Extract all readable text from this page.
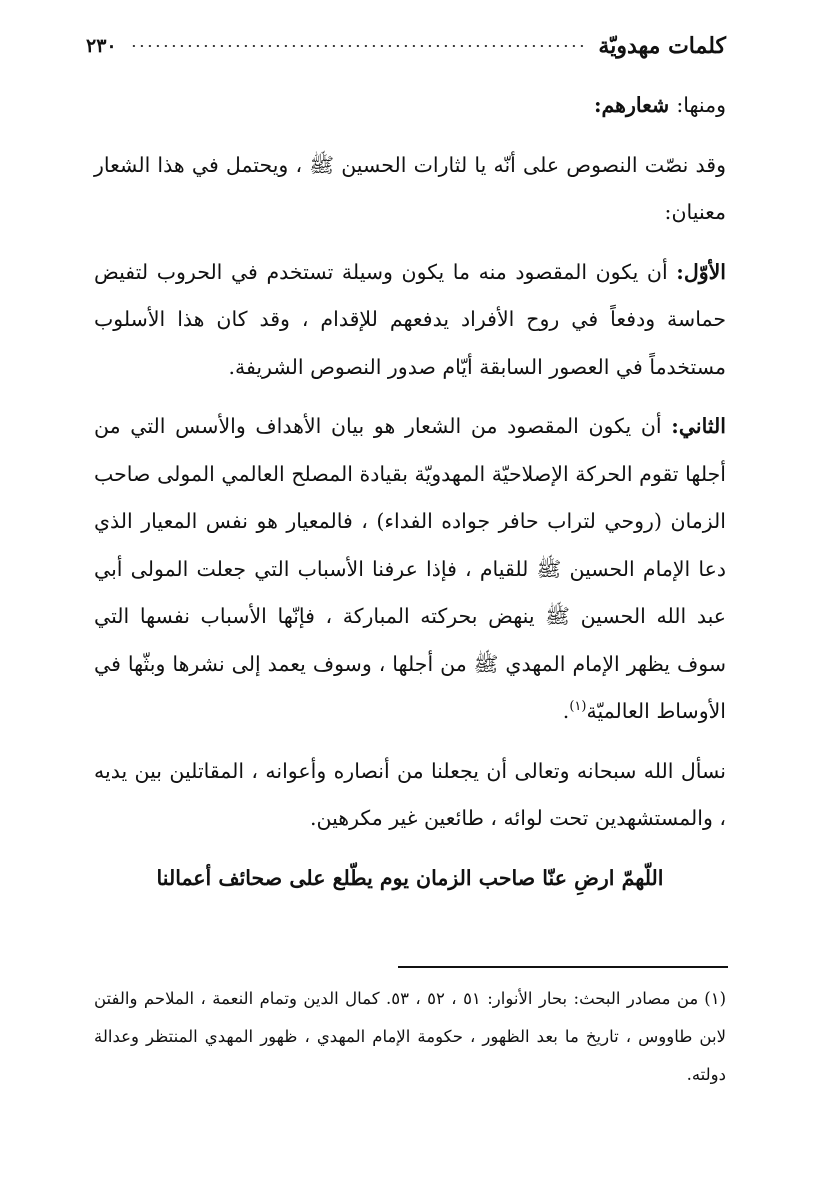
كلمات مهدويّة
٢٣٠

ومنها: شعارهم:

وقد نصّت النصوص على أنّه يا لثارات الحسين ﷺ ، ويحتمل في هذا الشعار معنيان:

الأوّل: أن يكون المقصود منه ما يكون وسيلة تستخدم في الحروب لتفيض حماسة ودفعاً في روح الأفراد يدفعهم للإقدام ، وقد كان هذا الأسلوب مستخدماً في العصور السابقة أيّام صدور النصوص الشريفة.

الثاني: أن يكون المقصود من الشعار هو بيان الأهداف والأسس التي من أجلها تقوم الحركة الإصلاحيّة المهدويّة بقيادة المصلح العالمي المولى صاحب الزمان (روحي لتراب حافر جواده الفداء) ، فالمعيار هو نفس المعيار الذي دعا الإمام الحسين ﷺ للقيام ، فإذا عرفنا الأسباب التي جعلت المولى أبي عبد الله الحسين ﷺ ينهض بحركته المباركة ، فإنّها الأسباب نفسها التي سوف يظهر الإمام المهدي ﷺ من أجلها ، وسوف يعمد إلى نشرها وبثّها في الأوساط العالميّة$^{(١)}$.

نسأل الله سبحانه وتعالى أن يجعلنا من أنصاره وأعوانه ، المقاتلين بين يديه ، والمستشهدين تحت لوائه ، طائعين غير مكرهين.

اللّهمّ ارضِ عنّا صاحب الزمان يوم يطّلع على صحائف أعمالنا

(١)من مصادر البحث: بحار الأنوار: ٥١ ، ٥٢ ، ٥٣. كمال الدين وتمام النعمة ، الملاحم والفتن لابن طاووس ، تاريخ ما بعد الظهور ، حكومة الإمام المهدي ، ظهور المهدي المنتظر وعدالة دولته.
